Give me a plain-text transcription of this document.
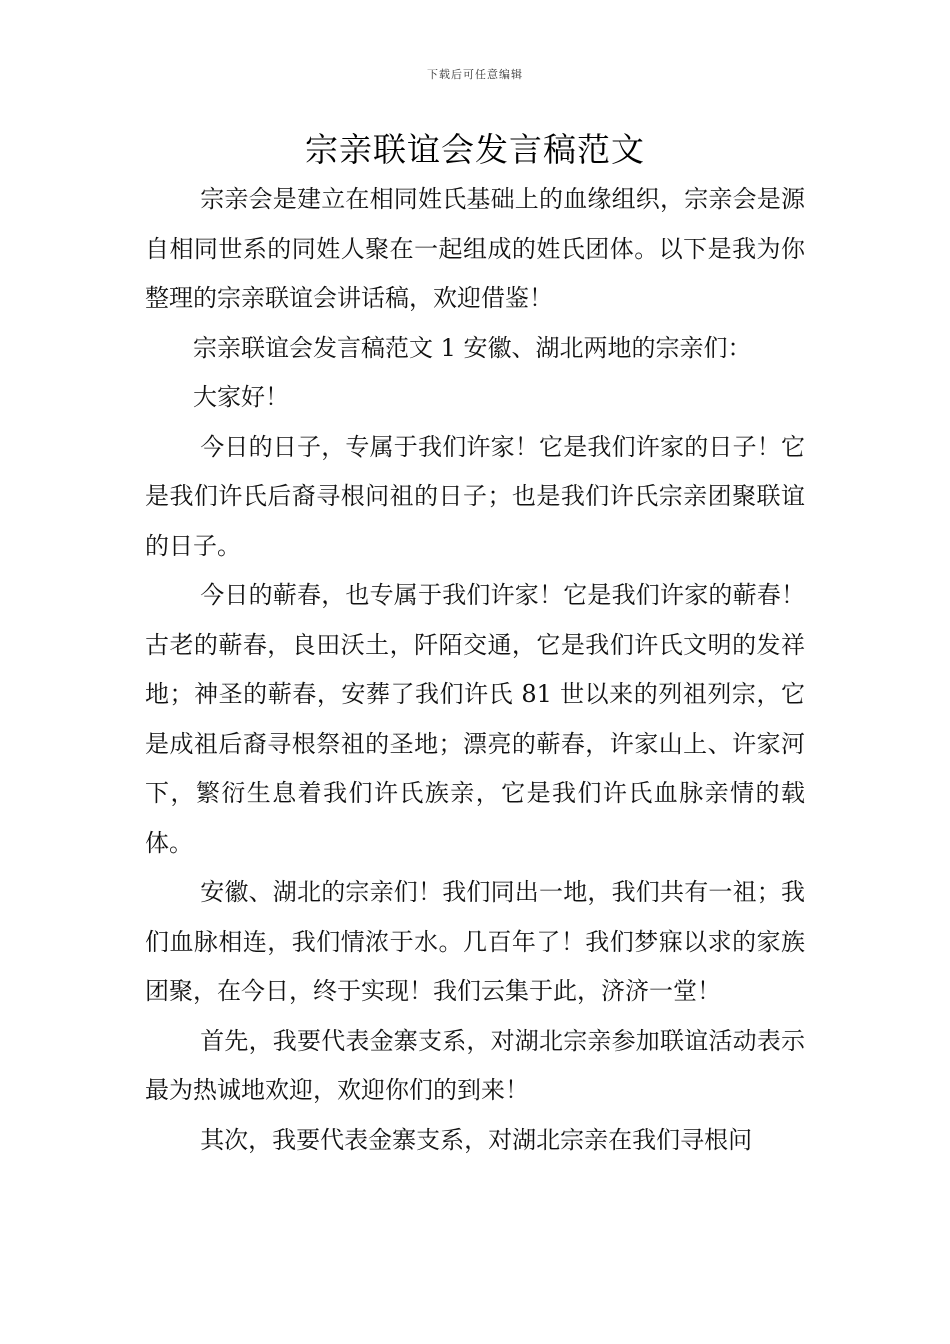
下载后可任意编辑
宗亲联谊会发言稿范文

宗亲会是建立在相同姓氏基础上的血缘组织，宗亲会是源自相同世系的同姓人聚在一起组成的姓氏团体。以下是我为你整理的宗亲联谊会讲话稿，欢迎借鉴！

宗亲联谊会发言稿范文 1 安徽、湖北两地的宗亲们：

大家好！

今日的日子，专属于我们许家！它是我们许家的日子！它是我们许氏后裔寻根问祖的日子；也是我们许氏宗亲团聚联谊的日子。

今日的蕲春，也专属于我们许家！它是我们许家的蕲春！古老的蕲春，良田沃土，阡陌交通，它是我们许氏文明的发祥地；神圣的蕲春，安葬了我们许氏 81 世以来的列祖列宗，它是成祖后裔寻根祭祖的圣地；漂亮的蕲春，许家山上、许家河下，繁衍生息着我们许氏族亲，它是我们许氏血脉亲情的载体。

安徽、湖北的宗亲们！我们同出一地，我们共有一祖；我们血脉相连，我们情浓于水。几百年了！我们梦寐以求的家族团聚，在今日，终于实现！我们云集于此，济济一堂！

首先，我要代表金寨支系，对湖北宗亲参加联谊活动表示最为热诚地欢迎，欢迎你们的到来！

其次，我要代表金寨支系，对湖北宗亲在我们寻根问
